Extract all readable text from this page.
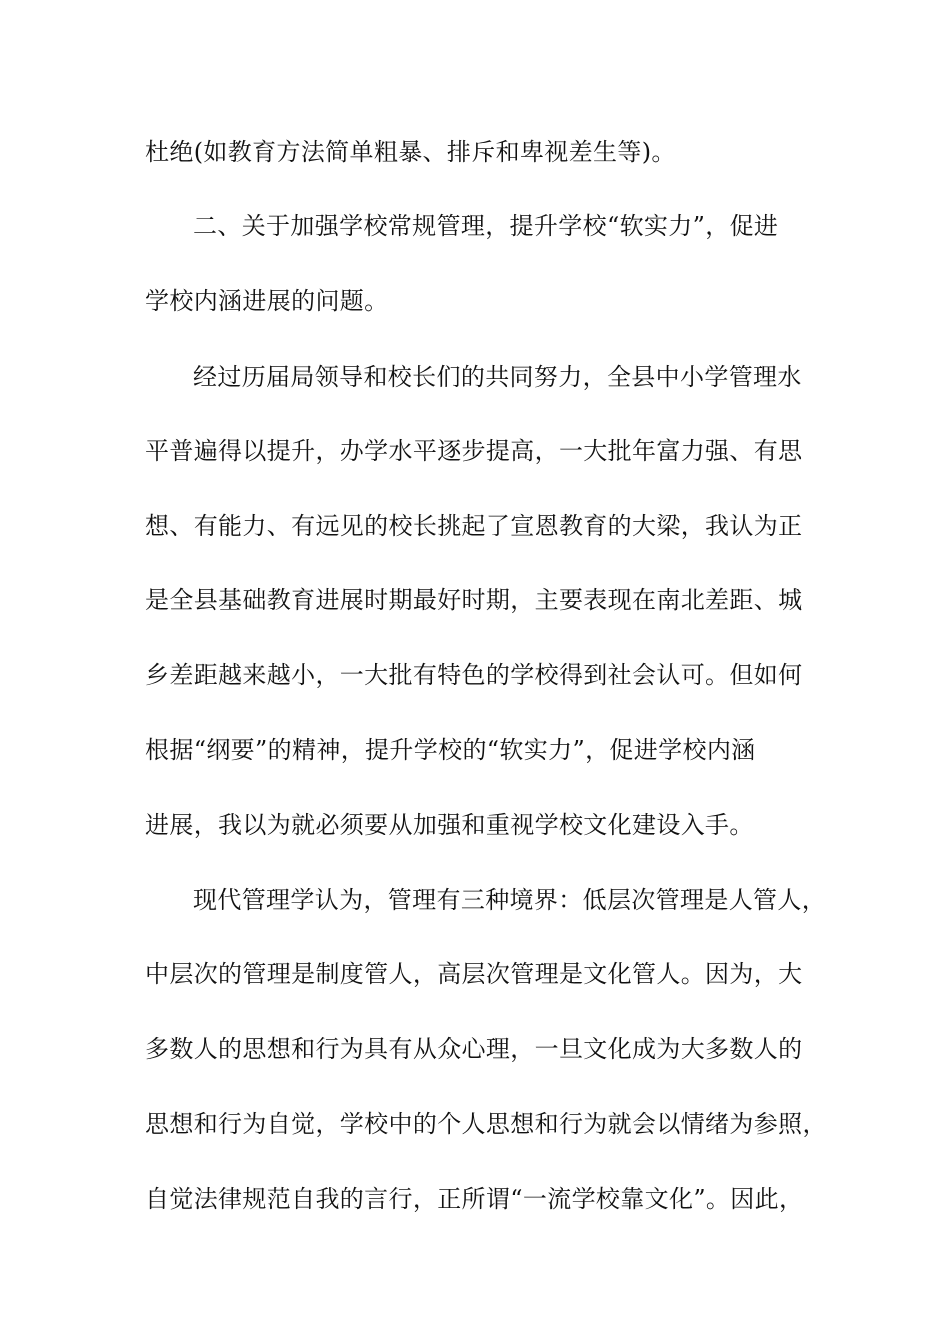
杜绝(如教育方法简单粗暴、排斥和卑视差生等)。

二、关于加强学校常规管理，提升学校“软实力”，促进

学校内涵进展的问题。

经过历届局领导和校长们的共同努力，全县中小学管理水

平普遍得以提升，办学水平逐步提高，一大批年富力强、有思

想、有能力、有远见的校长挑起了宣恩教育的大梁，我认为正

是全县基础教育进展时期最好时期，主要表现在南北差距、城

乡差距越来越小，一大批有特色的学校得到社会认可。但如何

根据“纲要”的精神，提升学校的“软实力”，促进学校内涵

进展，我以为就必须要从加强和重视学校文化建设入手。

现代管理学认为，管理有三种境界：低层次管理是人管人，

中层次的管理是制度管人，高层次管理是文化管人。因为，大

多数人的思想和行为具有从众心理，一旦文化成为大多数人的

思想和行为自觉，学校中的个人思想和行为就会以情绪为参照，

自觉法律规范自我的言行，正所谓“一流学校靠文化”。因此，
